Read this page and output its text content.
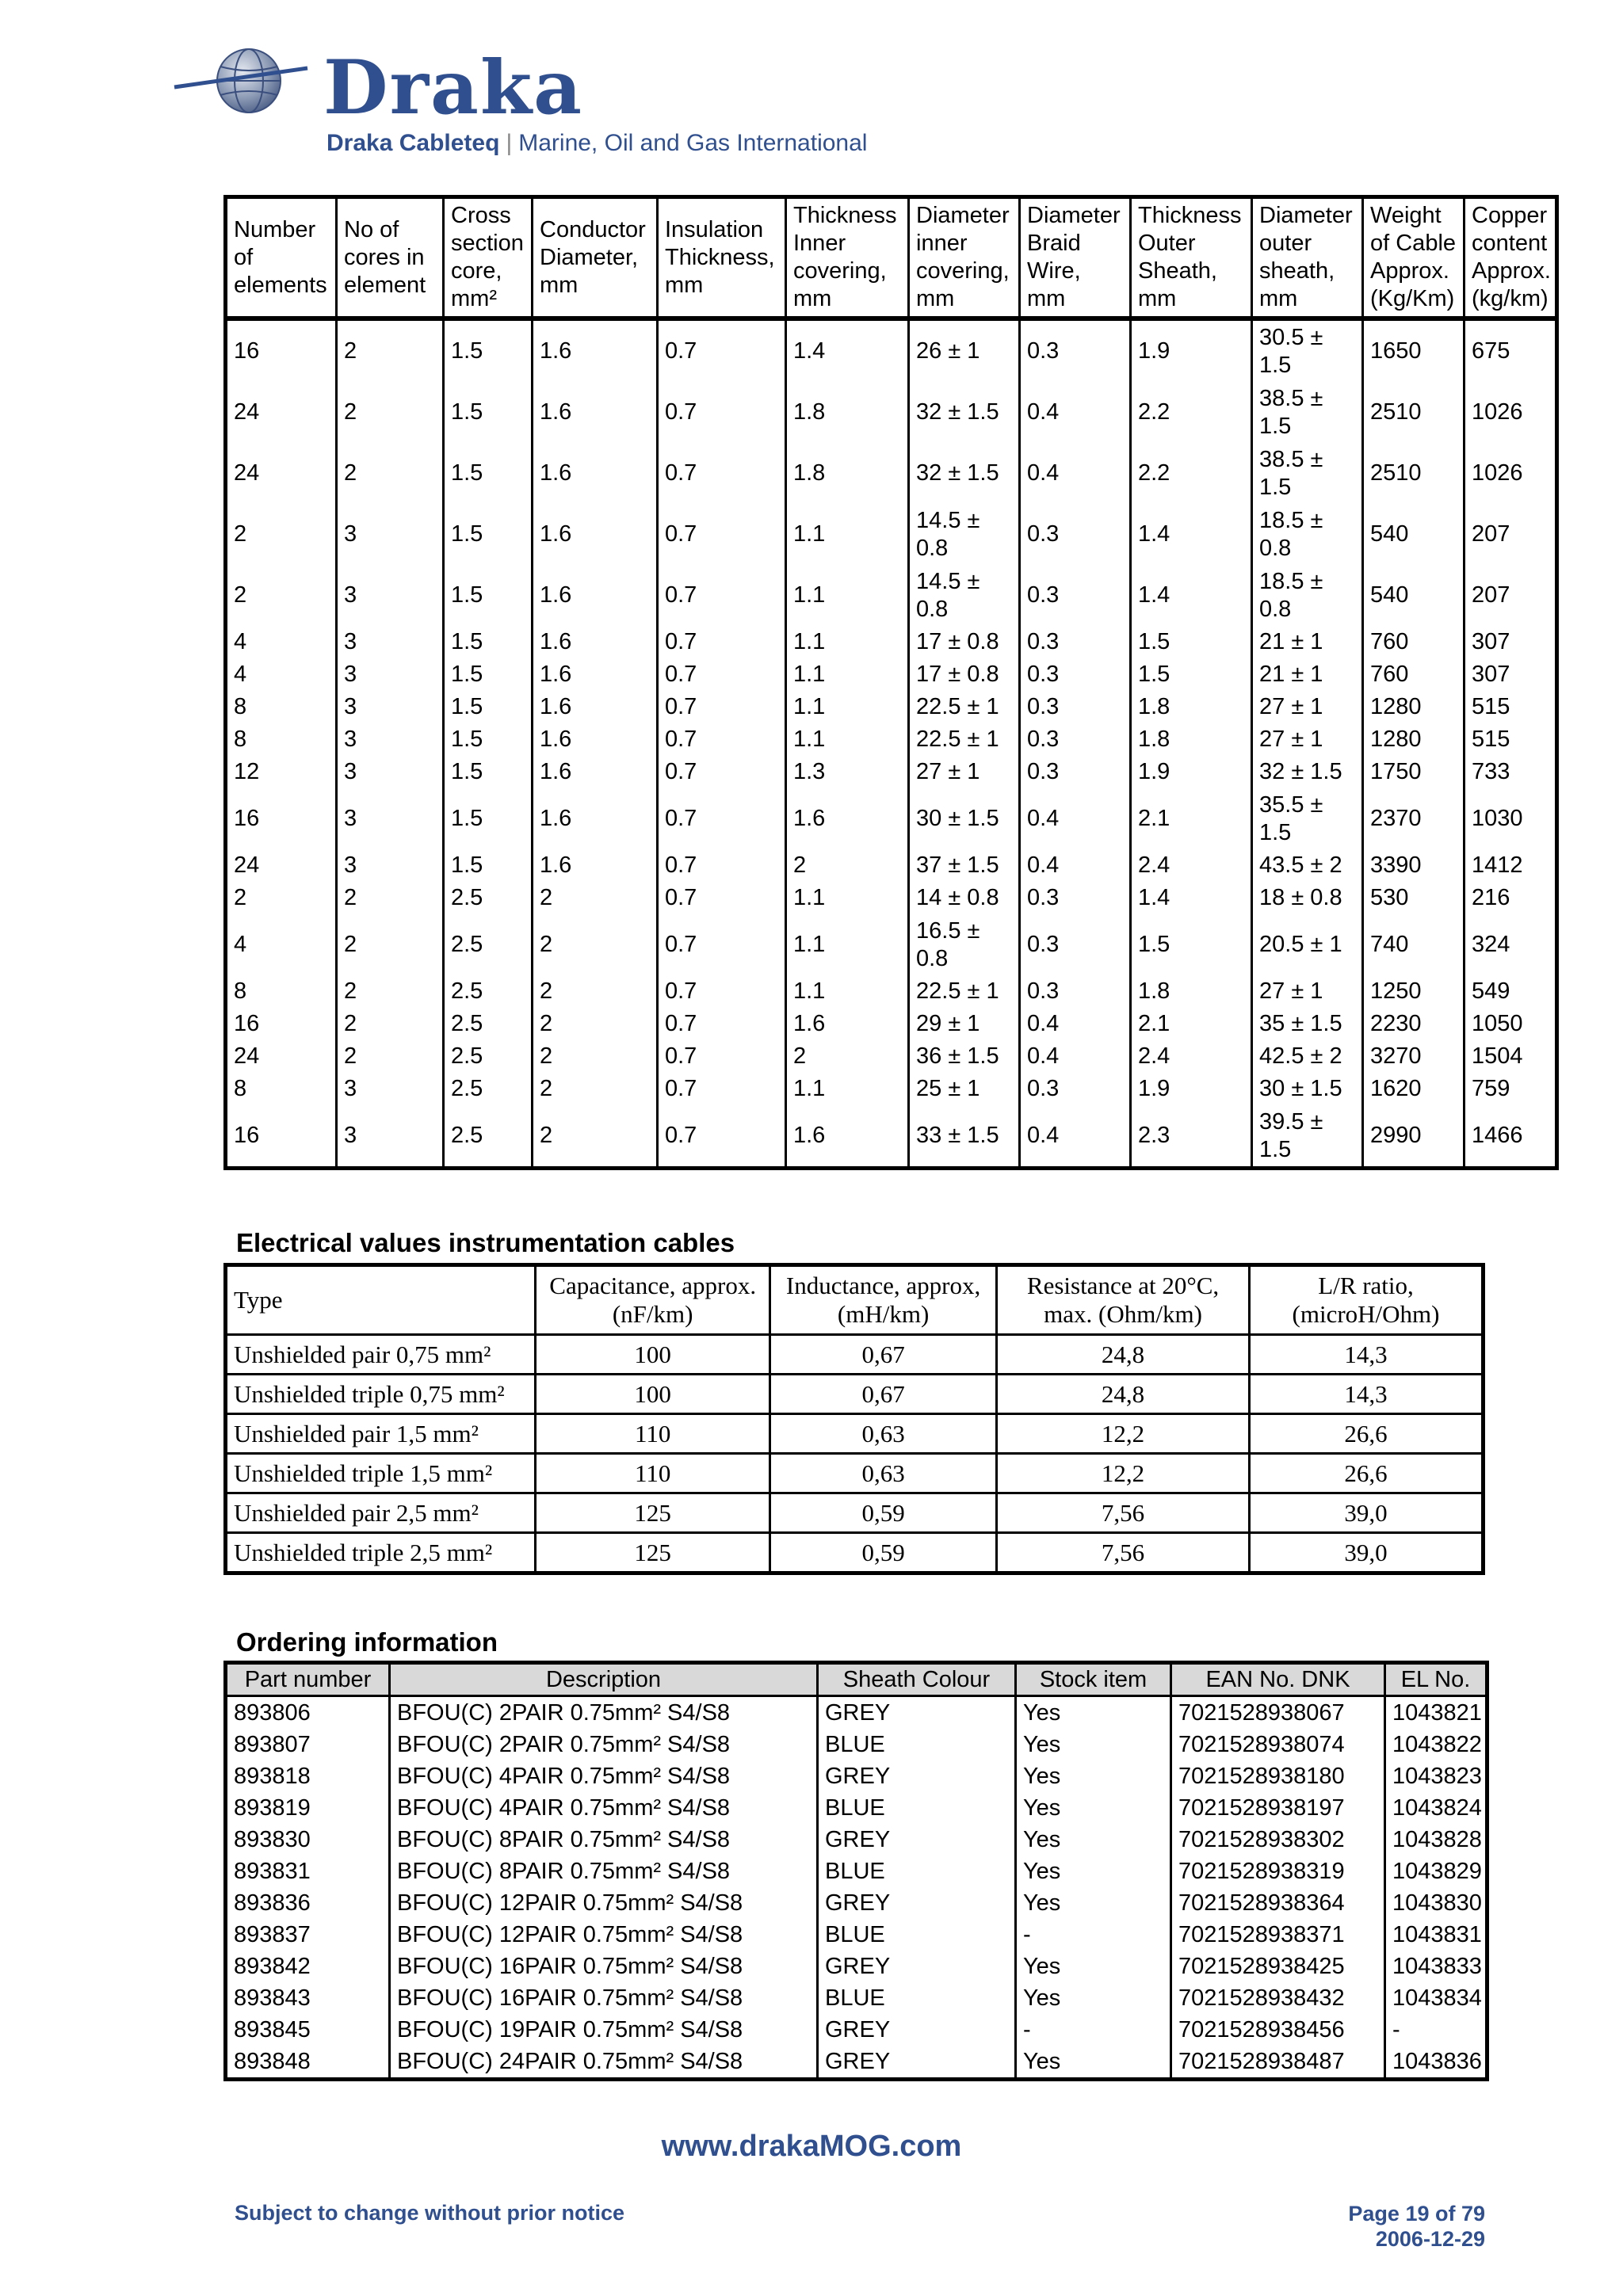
Draka
Draka Cableteq | Marine, Oil and Gas International
Number of elements	No of cores in element	Cross section core, mm²	Conductor Diameter, mm	Insulation Thickness, mm	Thickness Inner covering, mm	Diameter inner covering, mm	Diameter Braid Wire, mm	Thickness Outer Sheath, mm	Diameter outer sheath, mm	Weight of Cable Approx. (Kg/Km)	Copper content Approx. (kg/km)
16	2	1.5	1.6	0.7	1.4	26 ± 1	0.3	1.9	30.5 ± 1.5	1650	675
24	2	1.5	1.6	0.7	1.8	32 ± 1.5	0.4	2.2	38.5 ± 1.5	2510	1026
24	2	1.5	1.6	0.7	1.8	32 ± 1.5	0.4	2.2	38.5 ± 1.5	2510	1026
2	3	1.5	1.6	0.7	1.1	14.5 ± 0.8	0.3	1.4	18.5 ± 0.8	540	207
2	3	1.5	1.6	0.7	1.1	14.5 ± 0.8	0.3	1.4	18.5 ± 0.8	540	207
4	3	1.5	1.6	0.7	1.1	17 ± 0.8	0.3	1.5	21 ± 1	760	307
4	3	1.5	1.6	0.7	1.1	17 ± 0.8	0.3	1.5	21 ± 1	760	307
8	3	1.5	1.6	0.7	1.1	22.5 ± 1	0.3	1.8	27 ± 1	1280	515
8	3	1.5	1.6	0.7	1.1	22.5 ± 1	0.3	1.8	27 ± 1	1280	515
12	3	1.5	1.6	0.7	1.3	27 ± 1	0.3	1.9	32 ± 1.5	1750	733
16	3	1.5	1.6	0.7	1.6	30 ± 1.5	0.4	2.1	35.5 ± 1.5	2370	1030
24	3	1.5	1.6	0.7	2	37 ± 1.5	0.4	2.4	43.5 ± 2	3390	1412
2	2	2.5	2	0.7	1.1	14 ± 0.8	0.3	1.4	18 ± 0.8	530	216
4	2	2.5	2	0.7	1.1	16.5 ± 0.8	0.3	1.5	20.5 ± 1	740	324
8	2	2.5	2	0.7	1.1	22.5 ± 1	0.3	1.8	27 ± 1	1250	549
16	2	2.5	2	0.7	1.6	29 ± 1	0.4	2.1	35 ± 1.5	2230	1050
24	2	2.5	2	0.7	2	36 ± 1.5	0.4	2.4	42.5 ± 2	3270	1504
8	3	2.5	2	0.7	1.1	25 ± 1	0.3	1.9	30 ± 1.5	1620	759
16	3	2.5	2	0.7	1.6	33 ± 1.5	0.4	2.3	39.5 ± 1.5	2990	1466
Electrical values instrumentation cables
Type	Capacitance, approx. (nF/km)	Inductance, approx, (mH/km)	Resistance at 20°C, max. (Ohm/km)	L/R ratio, (microH/Ohm)
Unshielded pair 0,75 mm²	100	0,67	24,8	14,3
Unshielded triple 0,75 mm²	100	0,67	24,8	14,3
Unshielded pair 1,5 mm²	110	0,63	12,2	26,6
Unshielded triple 1,5 mm²	110	0,63	12,2	26,6
Unshielded pair 2,5 mm²	125	0,59	7,56	39,0
Unshielded triple 2,5 mm²	125	0,59	7,56	39,0
Ordering information
Part number	Description	Sheath Colour	Stock item	EAN No. DNK	EL No.
893806	BFOU(C) 2PAIR 0.75mm² S4/S8	GREY	Yes	7021528938067	1043821
893807	BFOU(C) 2PAIR 0.75mm² S4/S8	BLUE	Yes	7021528938074	1043822
893818	BFOU(C) 4PAIR 0.75mm² S4/S8	GREY	Yes	7021528938180	1043823
893819	BFOU(C) 4PAIR 0.75mm² S4/S8	BLUE	Yes	7021528938197	1043824
893830	BFOU(C) 8PAIR 0.75mm² S4/S8	GREY	Yes	7021528938302	1043828
893831	BFOU(C) 8PAIR 0.75mm² S4/S8	BLUE	Yes	7021528938319	1043829
893836	BFOU(C) 12PAIR 0.75mm² S4/S8	GREY	Yes	7021528938364	1043830
893837	BFOU(C) 12PAIR 0.75mm² S4/S8	BLUE	-	7021528938371	1043831
893842	BFOU(C) 16PAIR 0.75mm² S4/S8	GREY	Yes	7021528938425	1043833
893843	BFOU(C) 16PAIR 0.75mm² S4/S8	BLUE	Yes	7021528938432	1043834
893845	BFOU(C) 19PAIR 0.75mm² S4/S8	GREY	-	7021528938456	-
893848	BFOU(C) 24PAIR 0.75mm² S4/S8	GREY	Yes	7021528938487	1043836
www.drakaMOG.com
Subject to change without prior notice	Page 19 of 79
2006-12-29
